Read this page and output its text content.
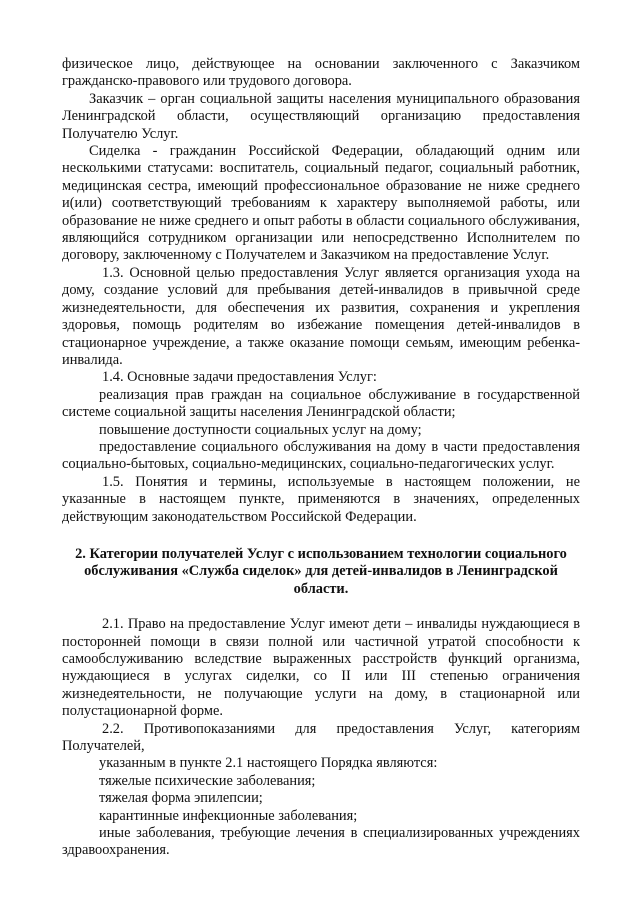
физическое лицо, действующее на основании заключенного с Заказчиком гражданско-правового или трудового договора.

Заказчик – орган социальной защиты населения муниципального образования Ленинградской области, осуществляющий организацию предоставления Получателю Услуг.

Сиделка - гражданин Российской Федерации, обладающий одним или несколькими статусами: воспитатель, социальный педагог, социальный работник, медицинская сестра, имеющий профессиональное образование не ниже среднего и(или) соответствующий требованиям к характеру выполняемой работы, или образование не ниже среднего и опыт работы в области социального обслуживания, являющийся сотрудником организации или непосредственно Исполнителем по договору, заключенному с Получателем и Заказчиком на предоставление Услуг.

1.3. Основной целью предоставления Услуг является организация ухода на дому, создание условий для пребывания детей-инвалидов в привычной среде жизнедеятельности, для обеспечения их развития, сохранения и укрепления здоровья, помощь родителям во избежание помещения детей-инвалидов в стационарное учреждение, а также оказание помощи семьям, имеющим ребенка-инвалида.

1.4. Основные задачи предоставления Услуг:

реализация прав граждан на социальное обслуживание в государственной системе социальной защиты населения Ленинградской области;

повышение доступности социальных услуг на дому;

предоставление социального обслуживания на дому в части предоставления социально-бытовых, социально-медицинских, социально-педагогических услуг.

1.5. Понятия и термины, используемые в настоящем положении, не указанные в настоящем пункте, применяются в значениях, определенных действующим законодательством Российской Федерации.

2. Категории получателей Услуг с использованием технологии социального
обслуживания «Служба сиделок» для детей-инвалидов в Ленинградской
области.

2.1. Право на предоставление Услуг имеют дети – инвалиды нуждающиеся в посторонней помощи в связи полной или частичной утратой способности к самообслуживанию вследствие выраженных расстройств функций организма, нуждающиеся в услугах сиделки, со II или III степенью ограничения жизнедеятельности, не получающие услуги на дому, в стационарной или полустационарной форме.

2.2. Противопоказаниями для предоставления Услуг, категориям Получателей,

указанным в пункте 2.1 настоящего Порядка являются:

тяжелые психические заболевания;

тяжелая форма эпилепсии;

карантинные инфекционные заболевания;

иные заболевания, требующие лечения в специализированных учреждениях здравоохранения.
